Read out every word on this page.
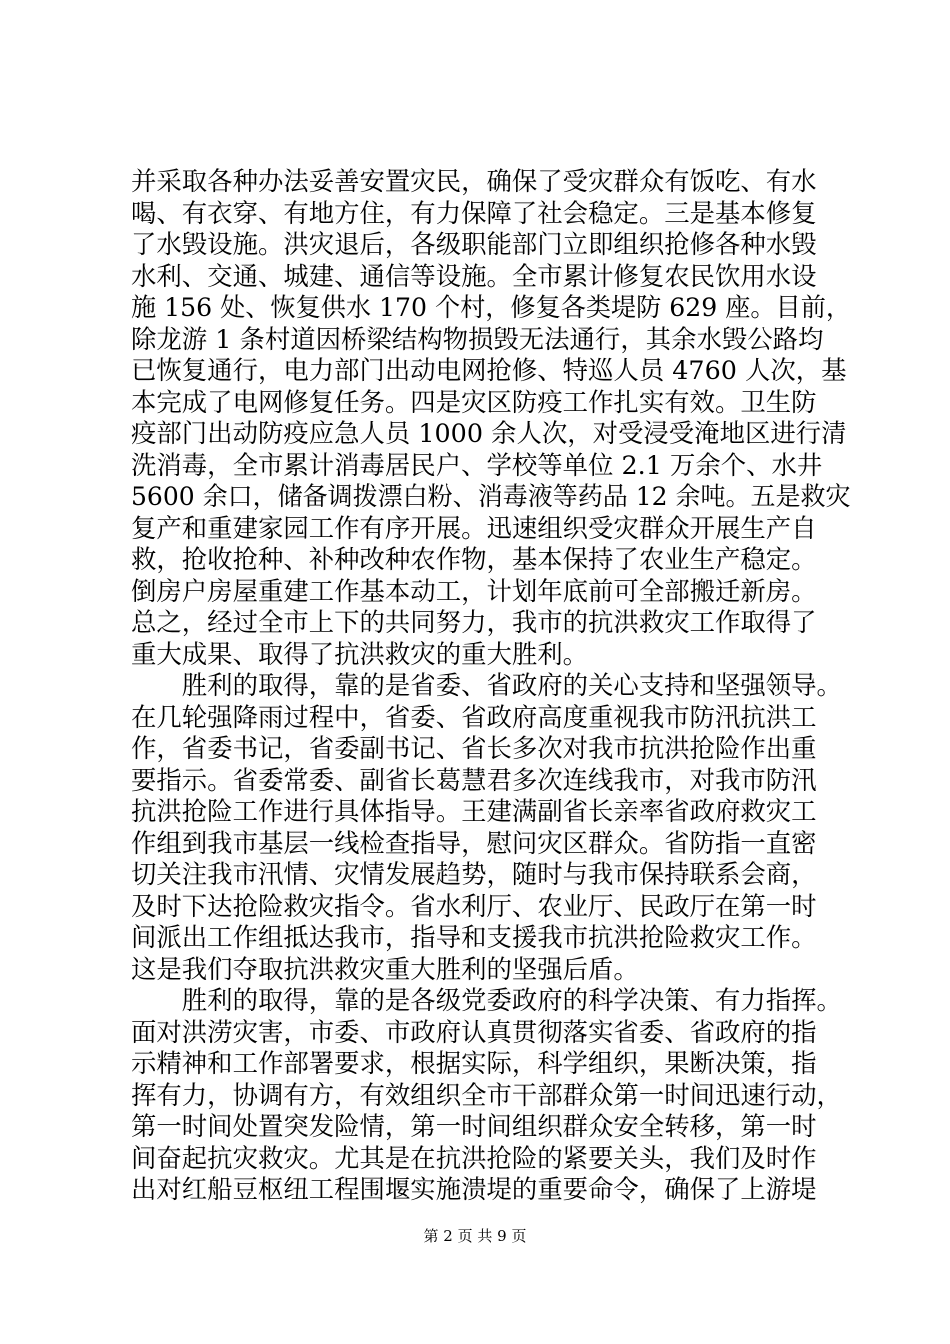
并采取各种办法妥善安置灾民，确保了受灾群众有饭吃、有水
喝、有衣穿、有地方住，有力保障了社会稳定。三是基本修复
了水毁设施。洪灾退后，各级职能部门立即组织抢修各种水毁
水利、交通、城建、通信等设施。全市累计修复农民饮用水设
施 156 处、恢复供水 170 个村，修复各类堤防 629 座。目前，
除龙游 1 条村道因桥梁结构物损毁无法通行，其余水毁公路均
已恢复通行，电力部门出动电网抢修、特巡人员 4760 人次，基
本完成了电网修复任务。四是灾区防疫工作扎实有效。卫生防
疫部门出动防疫应急人员 1000 余人次，对受浸受淹地区进行清
洗消毒，全市累计消毒居民户、学校等单位 2.1 万余个、水井
5600 余口，储备调拨漂白粉、消毒液等药品 12 余吨。五是救灾
复产和重建家园工作有序开展。迅速组织受灾群众开展生产自
救，抢收抢种、补种改种农作物，基本保持了农业生产稳定。
倒房户房屋重建工作基本动工，计划年底前可全部搬迁新房。
总之，经过全市上下的共同努力，我市的抗洪救灾工作取得了
重大成果、取得了抗洪救灾的重大胜利。
　　胜利的取得，靠的是省委、省政府的关心支持和坚强领导。
在几轮强降雨过程中，省委、省政府高度重视我市防汛抗洪工
作，省委书记，省委副书记、省长多次对我市抗洪抢险作出重
要指示。省委常委、副省长葛慧君多次连线我市，对我市防汛
抗洪抢险工作进行具体指导。王建满副省长亲率省政府救灾工
作组到我市基层一线检查指导，慰问灾区群众。省防指一直密
切关注我市汛情、灾情发展趋势，随时与我市保持联系会商，
及时下达抢险救灾指令。省水利厅、农业厅、民政厅在第一时
间派出工作组抵达我市，指导和支援我市抗洪抢险救灾工作。
这是我们夺取抗洪救灾重大胜利的坚强后盾。
　　胜利的取得，靠的是各级党委政府的科学决策、有力指挥。
面对洪涝灾害，市委、市政府认真贯彻落实省委、省政府的指
示精神和工作部署要求，根据实际，科学组织，果断决策，指
挥有力，协调有方，有效组织全市干部群众第一时间迅速行动，
第一时间处置突发险情，第一时间组织群众安全转移，第一时
间奋起抗灾救灾。尤其是在抗洪抢险的紧要关头，我们及时作
出对红船豆枢纽工程围堰实施溃堤的重要命令，确保了上游堤
第 2 页 共 9 页
